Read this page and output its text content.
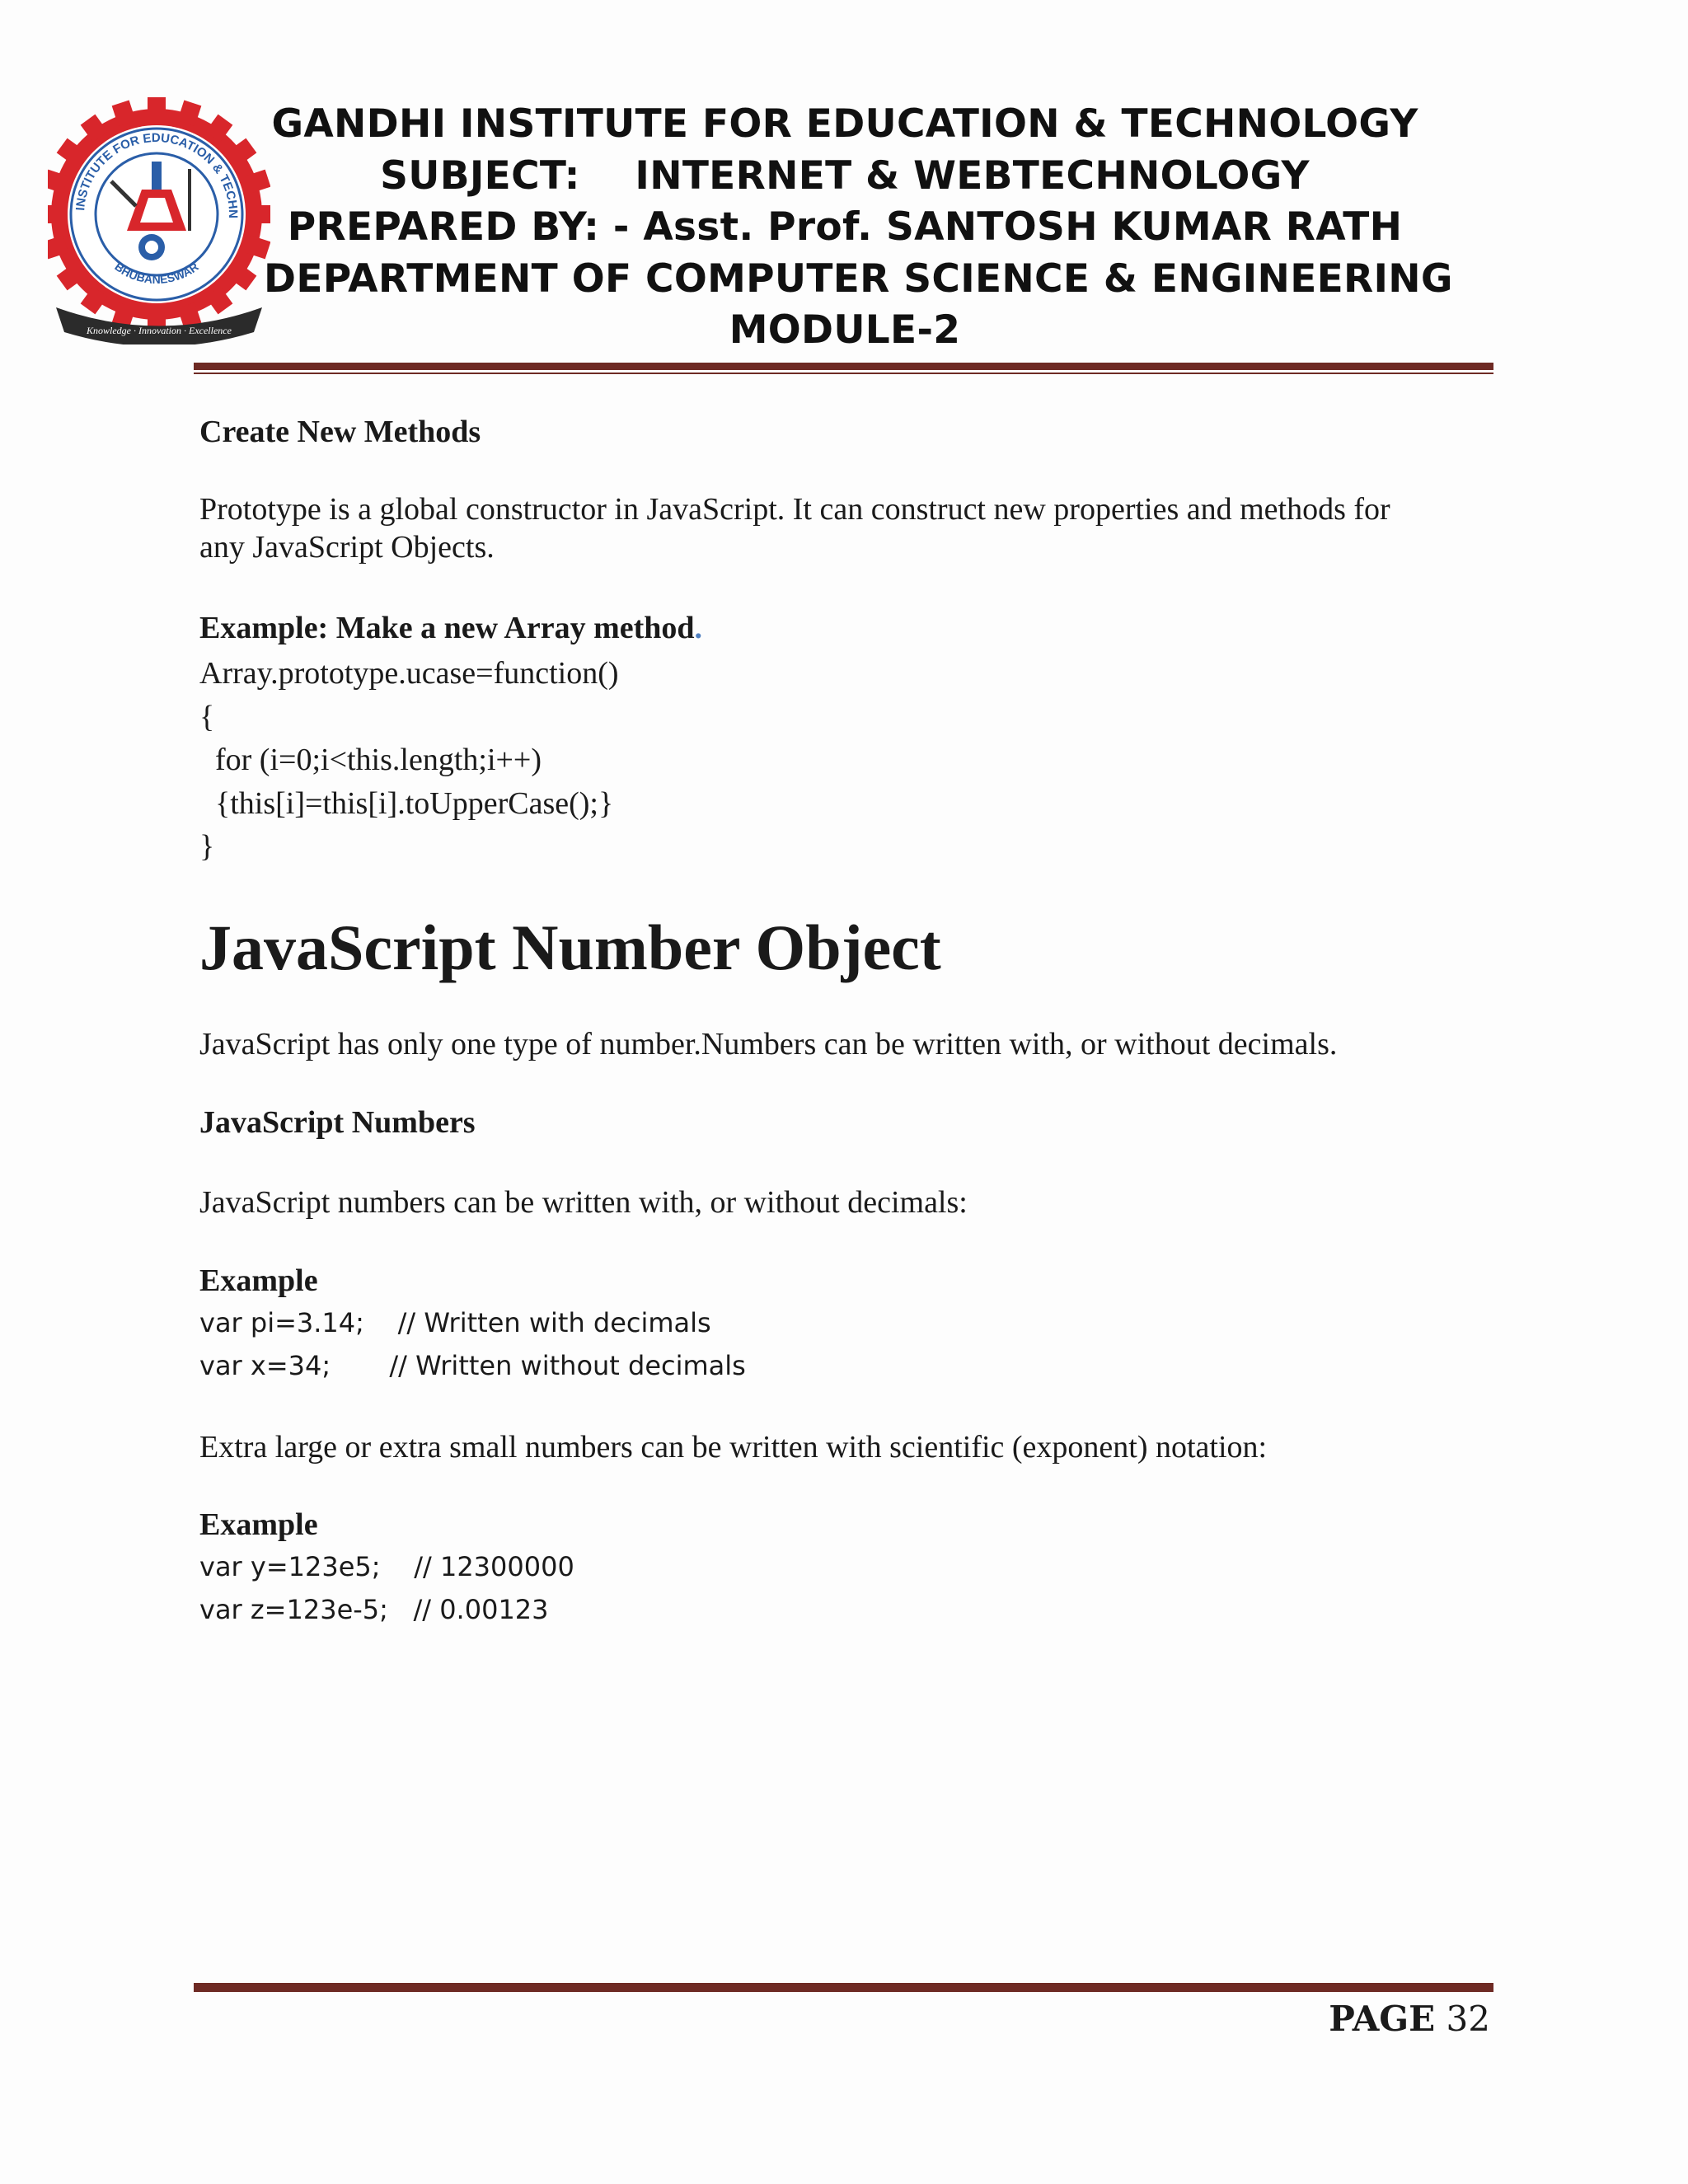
INSTITUTE FOR EDUCATION & TECHN
BHUBANESWAR
Knowledge · Innovation · Excellence
GANDHI INSTITUTE FOR EDUCATION & TECHNOLOGY
SUBJECT:    INTERNET & WEBTECHNOLOGY
PREPARED BY: - Asst. Prof. SANTOSH KUMAR RATH
DEPARTMENT OF COMPUTER SCIENCE & ENGINEERING
MODULE-2
Create New Methods
Prototype is a global constructor in JavaScript. It can construct new properties and methods for
any JavaScript Objects.
Example: Make a new Array method.
Array.prototype.ucase=function()
{
for (i=0;i<this.length;i++)
{this[i]=this[i].toUpperCase();}
}
JavaScript Number Object
JavaScript has only one type of number.Numbers can be written with, or without decimals.
JavaScript Numbers
JavaScript numbers can be written with, or without decimals:
Example
var pi=3.14;    // Written with decimals
var x=34;       // Written without decimals
Extra large or extra small numbers can be written with scientific (exponent) notation:
Example
var y=123e5;    // 12300000
var z=123e-5;   // 0.00123
PAGE 32
